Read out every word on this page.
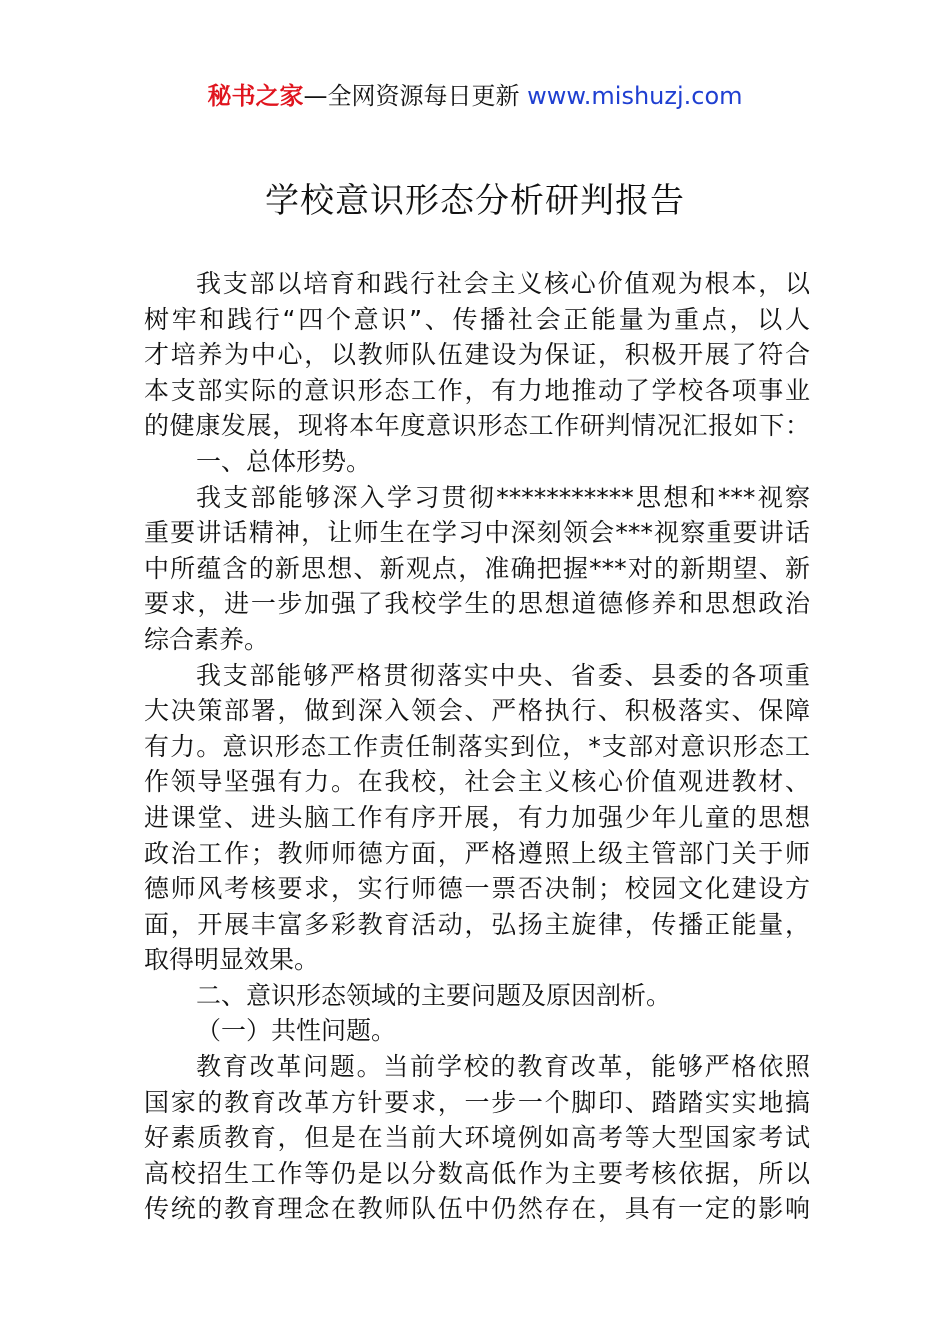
秘书之家—全网资源每日更新 www.mishuzj.com
学校意识形态分析研判报告
我支部以培育和践行社会主义核心价值观为根本，以
树牢和践行“四个意识”、传播社会正能量为重点，以人
才培养为中心，以教师队伍建设为保证，积极开展了符合
本支部实际的意识形态工作，有力地推动了学校各项事业
的健康发展，现将本年度意识形态工作研判情况汇报如下：
一、总体形势。
我支部能够深入学习贯彻***********思想和***视察
重要讲话精神，让师生在学习中深刻领会***视察重要讲话
中所蕴含的新思想、新观点，准确把握***对的新期望、新
要求，进一步加强了我校学生的思想道德修养和思想政治
综合素养。
我支部能够严格贯彻落实中央、省委、县委的各项重
大决策部署，做到深入领会、严格执行、积极落实、保障
有力。意识形态工作责任制落实到位，*支部对意识形态工
作领导坚强有力。在我校，社会主义核心价值观进教材、
进课堂、进头脑工作有序开展，有力加强少年儿童的思想
政治工作；教师师德方面，严格遵照上级主管部门关于师
德师风考核要求，实行师德一票否决制；校园文化建设方
面，开展丰富多彩教育活动，弘扬主旋律，传播正能量，
取得明显效果。
二、意识形态领域的主要问题及原因剖析。
（一）共性问题。
教育改革问题。当前学校的教育改革，能够严格依照
国家的教育改革方针要求，一步一个脚印、踏踏实实地搞
好素质教育，但是在当前大环境例如高考等大型国家考试
高校招生工作等仍是以分数高低作为主要考核依据，所以
传统的教育理念在教师队伍中仍然存在，具有一定的影响
